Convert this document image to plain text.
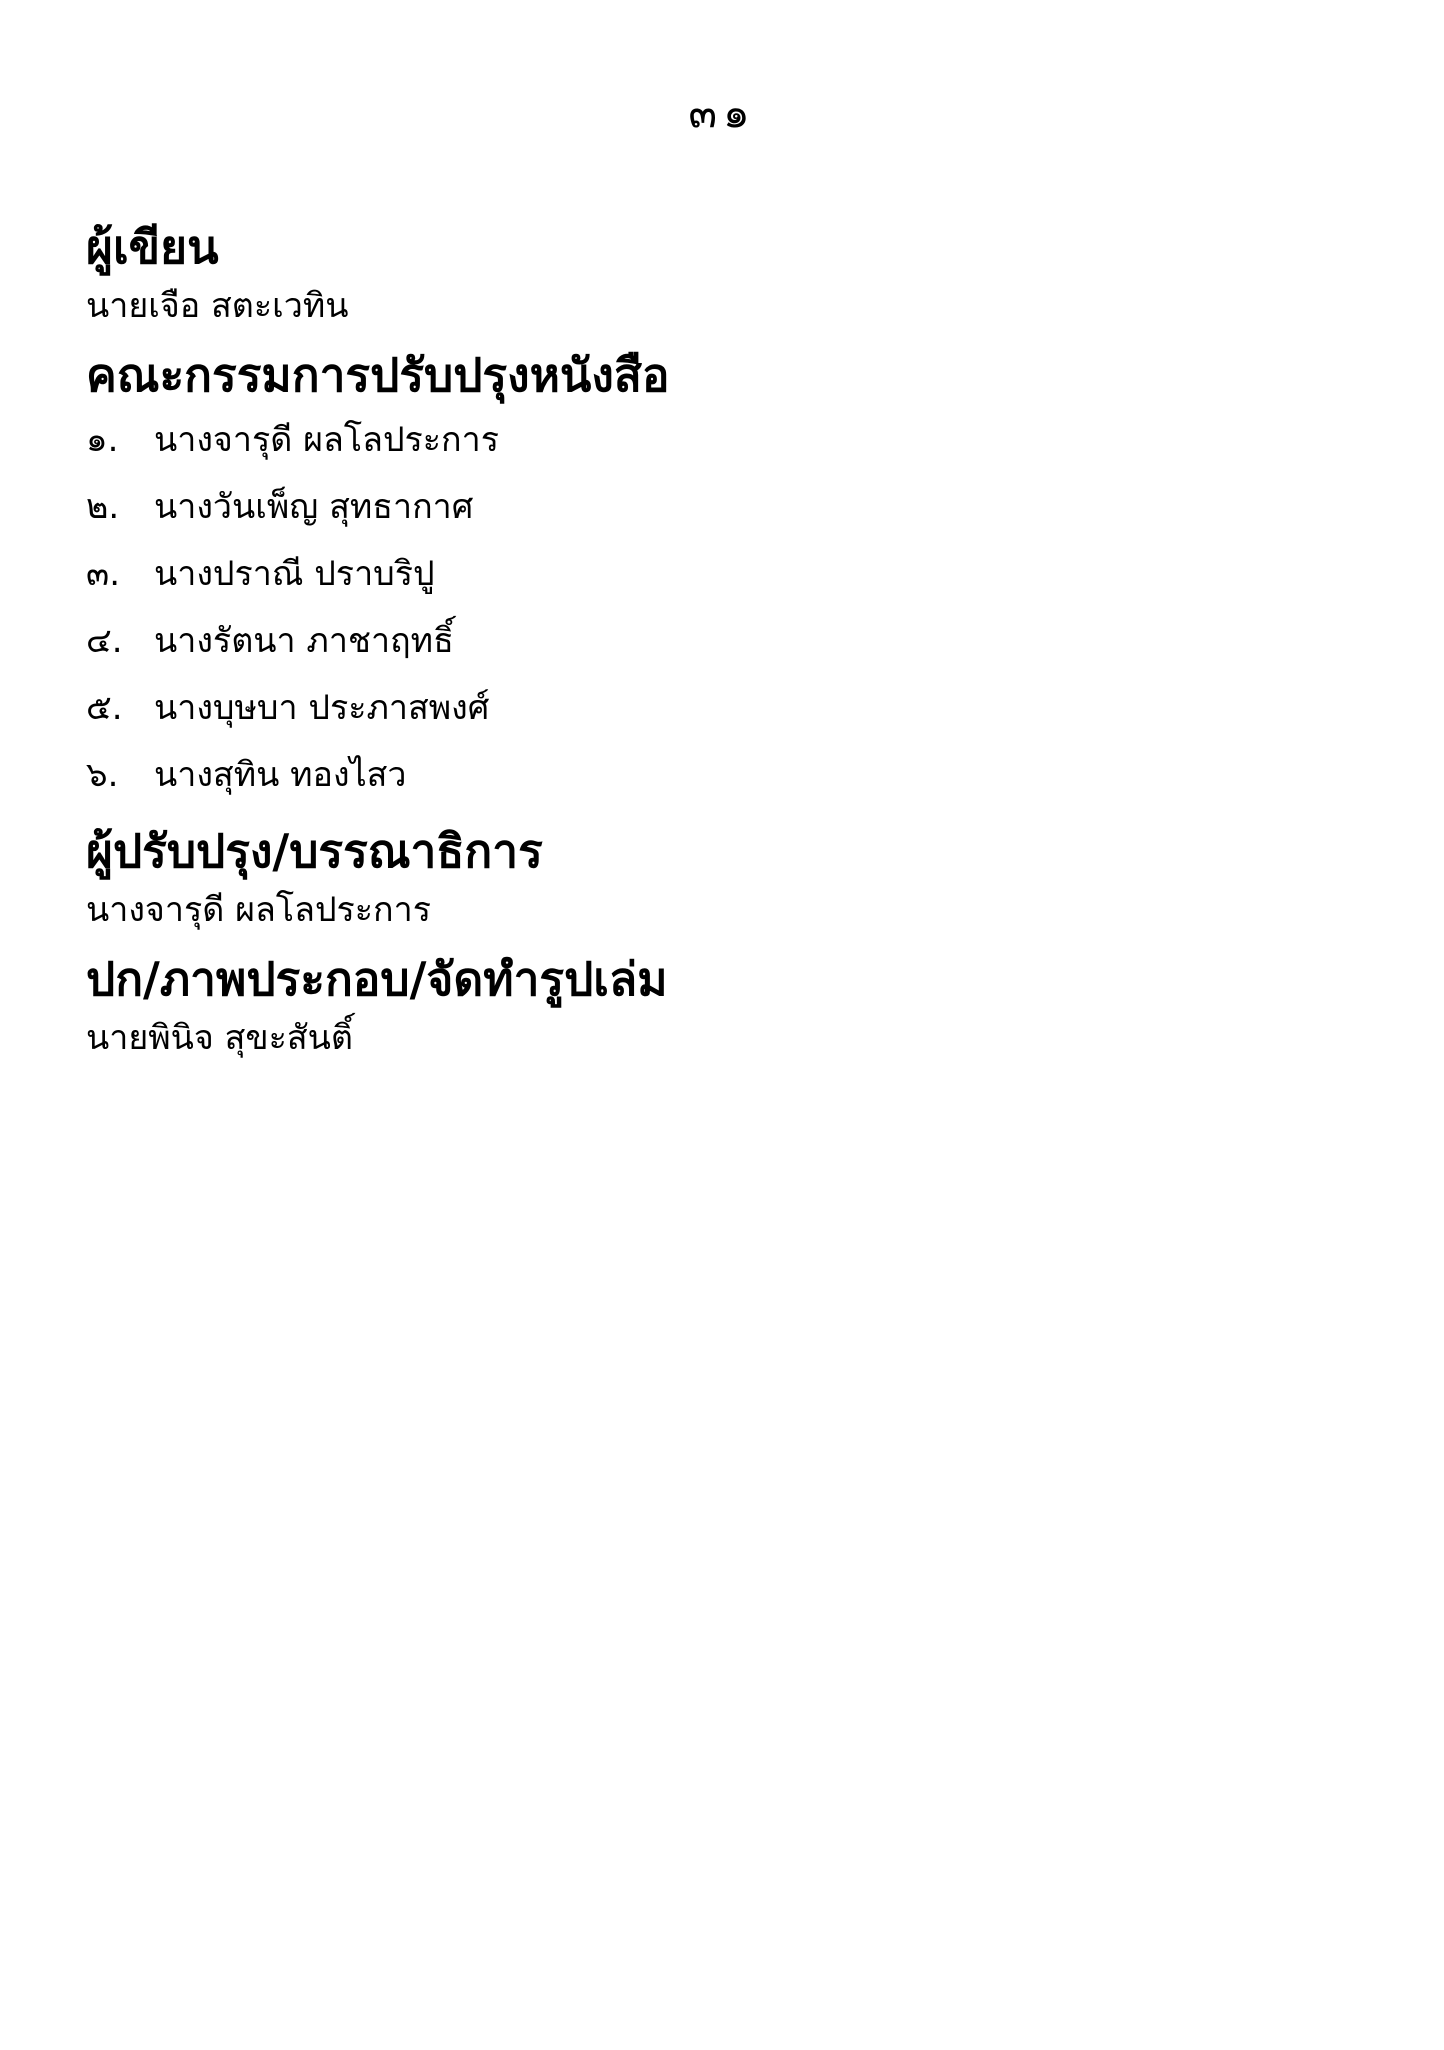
๓๑
ผู้เขียน

นายเจือ สตะเวทิน

คณะกรรมการปรับปรุงหนังสือ
๑.	นางจารุดี ผลโลประการ
๒.	นางวันเพ็ญ สุทธากาศ
๓. นางปราณี ปราบริปู
๔. นางรัตนา ภาชาฤทธิ์
๕. นางบุษบา ประภาสพงศ์
๖.	นางสุทิน ทองไสว
ผู้ปรับปรุง/บรรณาธิการ

นางจารุดี ผลโลประการ

ปก/ภาพประกอบ/จัดทำรูปเล่ม

นายพินิจ สุขะสันติ์
